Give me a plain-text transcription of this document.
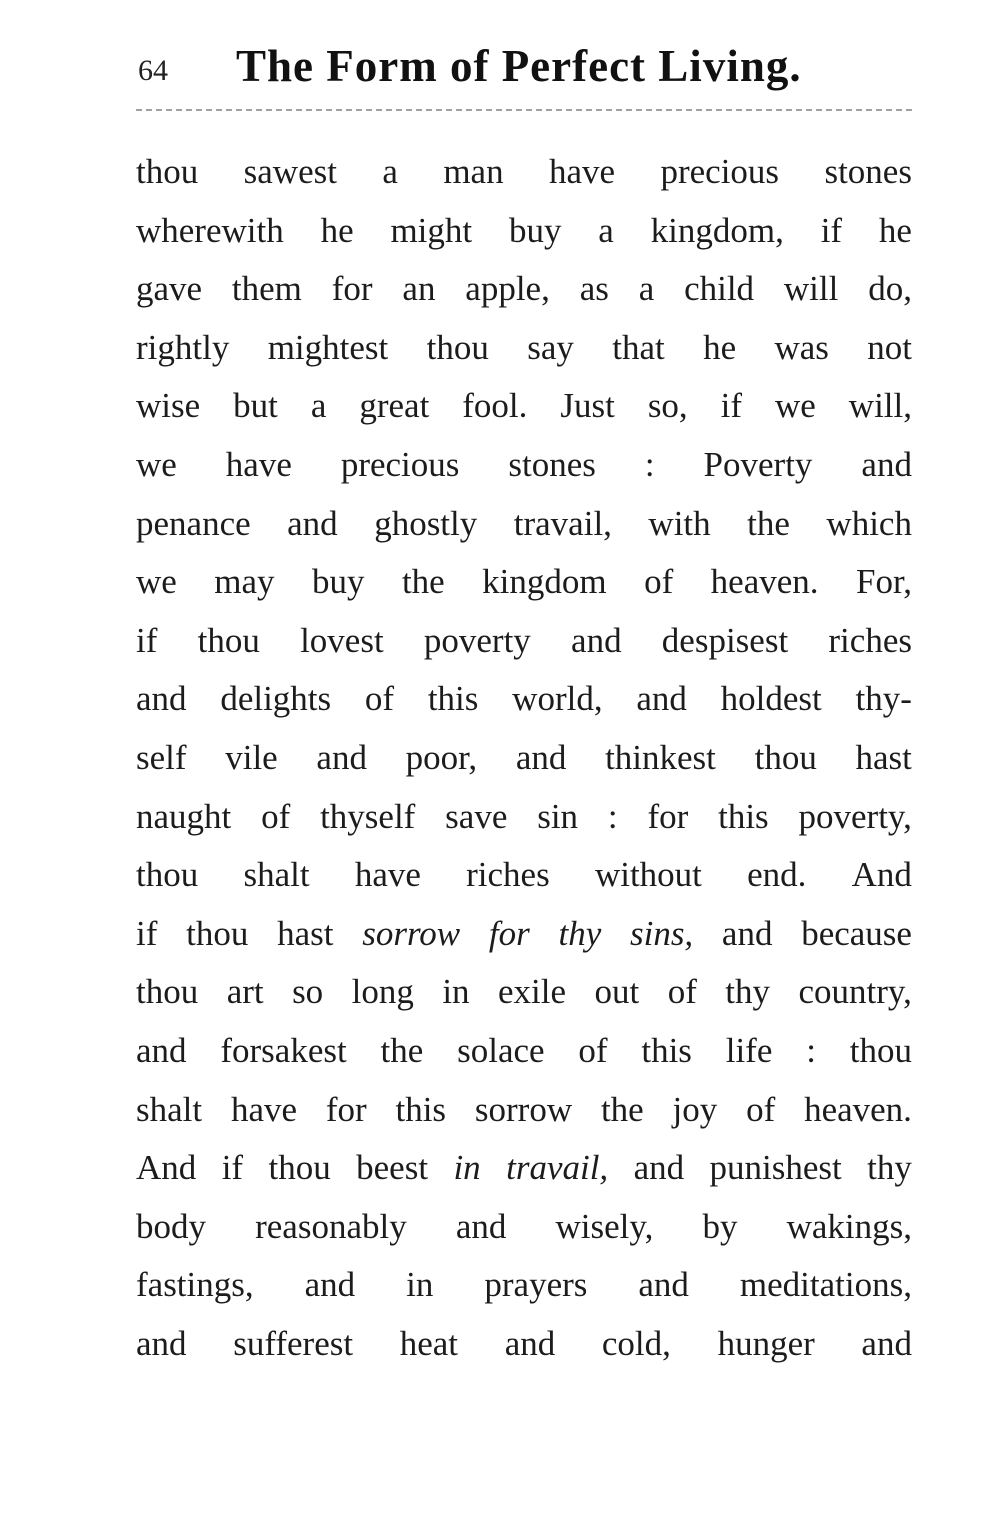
64 The Form of Perfect Living.
thou sawest a man have precious stones
wherewith he might buy a kingdom, if he
gave them for an apple, as a child will do,
rightly mightest thou say that he was not
wise but a great fool. Just so, if we will,
we have precious stones : Poverty and
penance and ghostly travail, with the which
we may buy the kingdom of heaven. For,
if thou lovest poverty and despisest riches
and delights of this world, and holdest thy-
self vile and poor, and thinkest thou hast
naught of thyself save sin : for this poverty,
thou shalt have riches without end. And
if thou hast sorrow for thy sins, and because
thou art so long in exile out of thy country,
and forsakest the solace of this life : thou
shalt have for this sorrow the joy of heaven.
And if thou beest in travail, and punishest thy
body reasonably and wisely, by wakings,
fastings, and in prayers and meditations,
and sufferest heat and cold, hunger and
